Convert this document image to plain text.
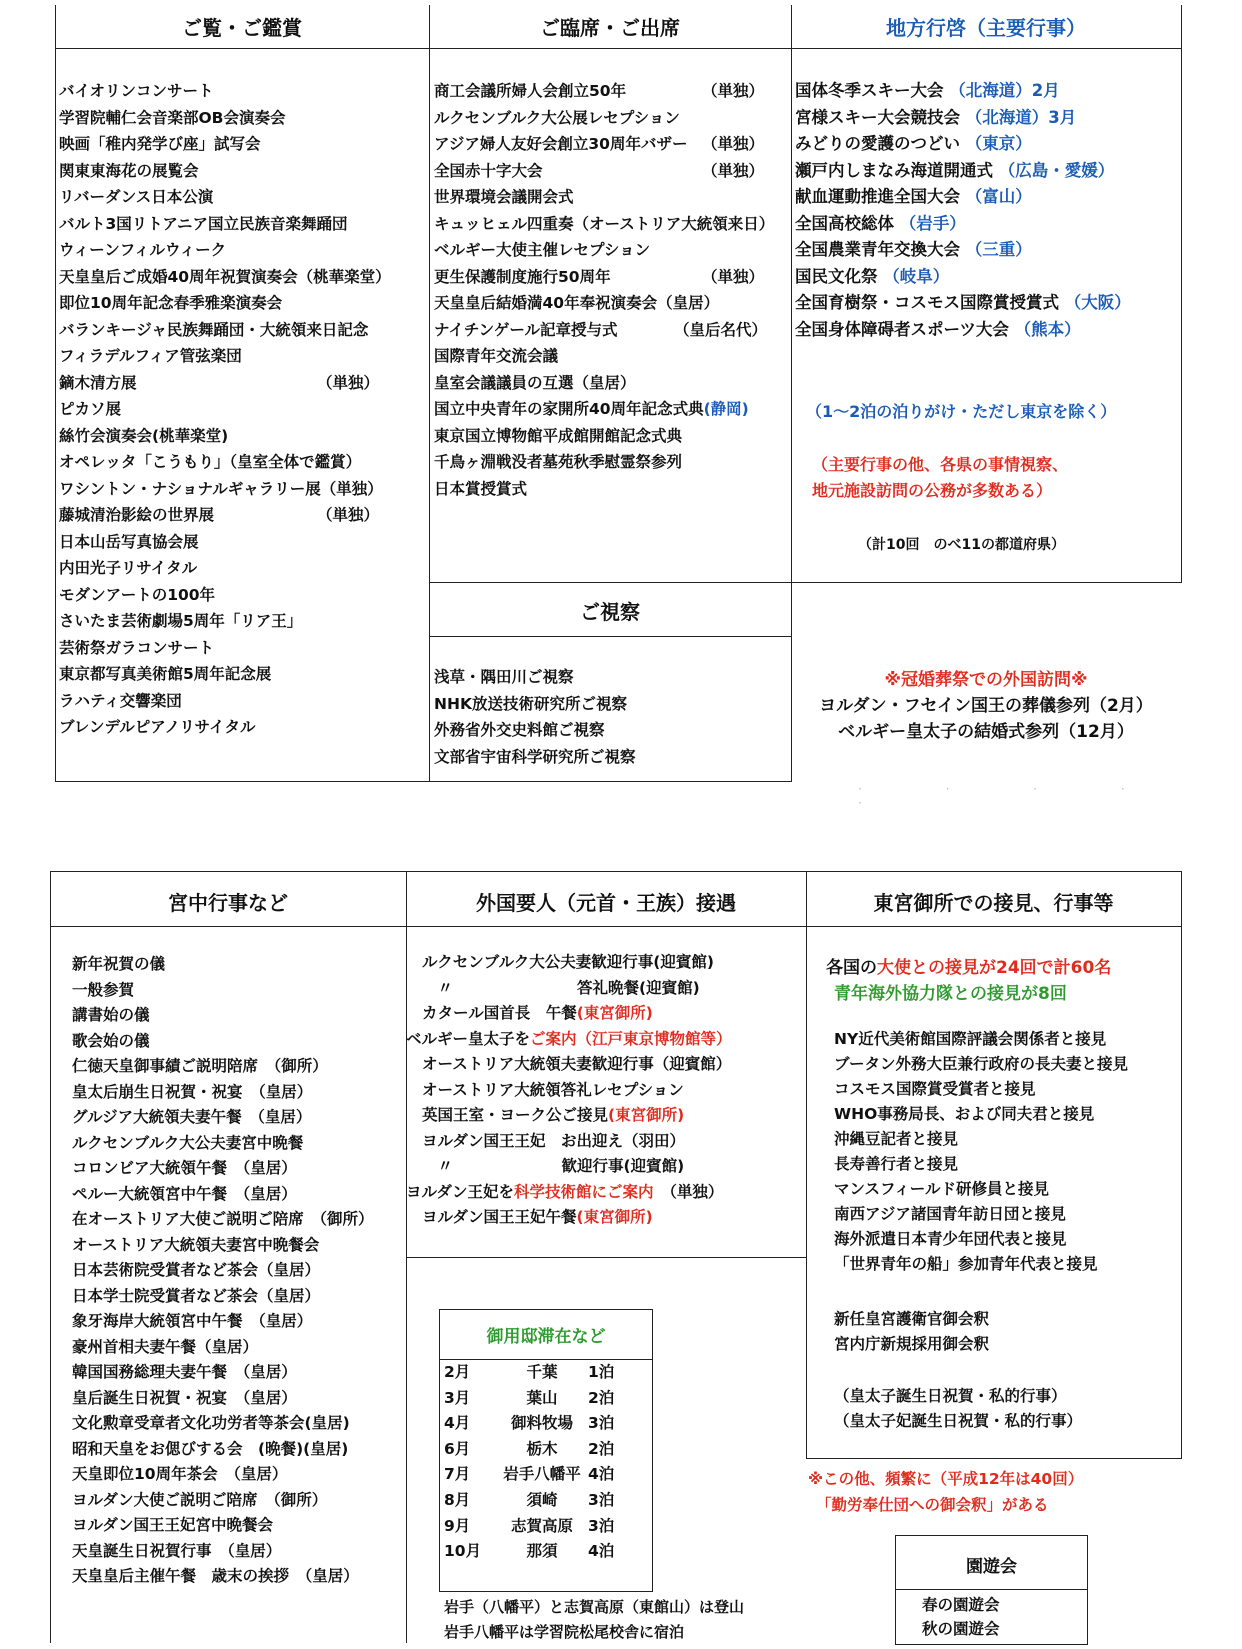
ご覧・ご鑑賞
バイオリンコンサート
学習院輔仁会音楽部OB会演奏会
映画「稚内発学び座」試写会
関東東海花の展覧会
リバーダンス日本公演
バルト3国リトアニア国立民族音楽舞踊団
ウィーンフィルウィーク
天皇皇后ご成婚40周年祝賀演奏会（桃華楽堂）
即位10周年記念春季雅楽演奏会
バランキージャ民族舞踊団・大統領来日記念
フィラデルフィア管弦楽団
鏑木清方展	（単独）
ピカソ展
絲竹会演奏会(桃華楽堂)
オペレッタ「こうもり」（皇室全体で鑑賞）
ワシントン・ナショナルギャラリー展（単独）
藤城清治影絵の世界展	（単独）
日本山岳写真協会展
内田光子リサイタル
モダンアートの100年
さいたま芸術劇場5周年「リア王」
芸術祭ガラコンサート
東京都写真美術館5周年記念展
ラハティ交響楽団
ブレンデルピアノリサイタル
ご臨席・ご出席
商工会議所婦人会創立50年	（単独）
ルクセンブルク大公展レセプション
アジア婦人友好会創立30周年バザー （単独）
全国赤十字大会	（単独）
世界環境会議開会式
キュッヒェル四重奏（オーストリア大統領来日）
ベルギー大使主催レセプション
更生保護制度施行50周年	（単独）
天皇皇后結婚満40年奉祝演奏会（皇居）
ナイチンゲール記章授与式	（皇后名代）
国際青年交流会議
皇室会議議員の互選（皇居）
国立中央青年の家開所40周年記念式典(静岡)
東京国立博物館平成館開館記念式典
千鳥ヶ淵戦没者墓苑秋季慰霊祭参列
日本賞授賞式
地方行啓（主要行事）
国体冬季スキー大会 （北海道）2月
宮様スキー大会競技会 （北海道）3月
みどりの愛護のつどい （東京）
瀬戸内しまなみ海道開通式 （広島・愛媛）
献血運動推進全国大会 （富山）
全国高校総体 （岩手）
全国農業青年交換大会 （三重）
国民文化祭 （岐阜）
全国育樹祭・コスモス国際賞授賞式 （大阪）
全国身体障碍者スポーツ大会 （熊本）
（1～2泊の泊りがけ・ただし東京を除く）
（主要行事の他、各県の事情視察、
地元施設訪問の公務が多数ある）
（計10回　のべ11の都道府県）
ご視察
浅草・隅田川ご視察
NHK放送技術研究所ご視察
外務省外交史料館ご視察
文部省宇宙科学研究所ご視察
※冠婚葬祭での外国訪問※
ヨルダン・フセイン国王の葬儀参列（2月）
ベルギー皇太子の結婚式参列（12月）
· · · · ·
宮中行事など
新年祝賀の儀
一般参賀
講書始の儀
歌会始の儀
仁徳天皇御事績ご説明陪席　（御所）
皇太后崩生日祝賀・祝宴　（皇居）
グルジア大統領夫妻午餐　（皇居）
ルクセンブルク大公夫妻宮中晩餐
コロンビア大統領午餐　（皇居）
ペルー大統領宮中午餐　（皇居）
在オーストリア大使ご説明ご陪席　（御所）
オーストリア大統領夫妻宮中晩餐会
日本芸術院受賞者など茶会（皇居）
日本学士院受賞者など茶会（皇居）
象牙海岸大統領宮中午餐　（皇居）
豪州首相夫妻午餐（皇居）
韓国国務総理夫妻午餐　（皇居）
皇后誕生日祝賀・祝宴　（皇居）
文化勲章受章者文化功労者等茶会(皇居)
昭和天皇をお偲びする会　(晩餐)(皇居)
天皇即位10周年茶会　（皇居）
ヨルダン大使ご説明ご陪席　（御所）
ヨルダン国王王妃宮中晩餐会
天皇誕生日祝賀行事　（皇居）
天皇皇后主催午餐　歳末の挨拶　（皇居）
外国要人（元首・王族）接遇
ルクセンブルク大公夫妻歓迎行事(迎賓館)
　〃　　　　　　　　答礼晩餐(迎賓館)
カタール国首長　午餐(東宮御所)
ベルギー皇太子をご案内（江戸東京博物館等）
オーストリア大統領夫妻歓迎行事（迎賓館）
オーストリア大統領答礼レセプション
英国王室・ヨーク公ご接見(東宮御所)
ヨルダン国王王妃　お出迎え（羽田）
　〃　　　　　　　歓迎行事(迎賓館)
ヨルダン王妃を科学技術館にご案内　（単独）
ヨルダン国王王妃午餐(東宮御所)
御用邸滞在など
2月	千葉 1泊
3月	葉山 2泊
4月	御料牧場 3泊
6月	栃木 2泊
7月 岩手八幡平 4泊
8月	須崎 3泊
9月	志賀高原 3泊
10月	那須 4泊
岩手（八幡平）と志賀高原（東館山）は登山
岩手八幡平は学習院松尾校舎に宿泊
東宮御所での接見、行事等
各国の大使との接見が24回で計60名
青年海外協力隊との接見が8回
NY近代美術館国際評議会関係者と接見
ブータン外務大臣兼行政府の長夫妻と接見
コスモス国際賞受賞者と接見
WHO事務局長、および同夫君と接見
沖縄豆記者と接見
長寿善行者と接見
マンスフィールド研修員と接見
南西アジア諸国青年訪日団と接見
海外派遣日本青少年団代表と接見
「世界青年の船」参加青年代表と接見
新任皇宮護衛官御会釈
宮内庁新規採用御会釈
（皇太子誕生日祝賀・私的行事）
（皇太子妃誕生日祝賀・私的行事）
※この他、頻繁に（平成12年は40回）
「勤労奉仕団への御会釈」がある
園遊会
春の園遊会
秋の園遊会
